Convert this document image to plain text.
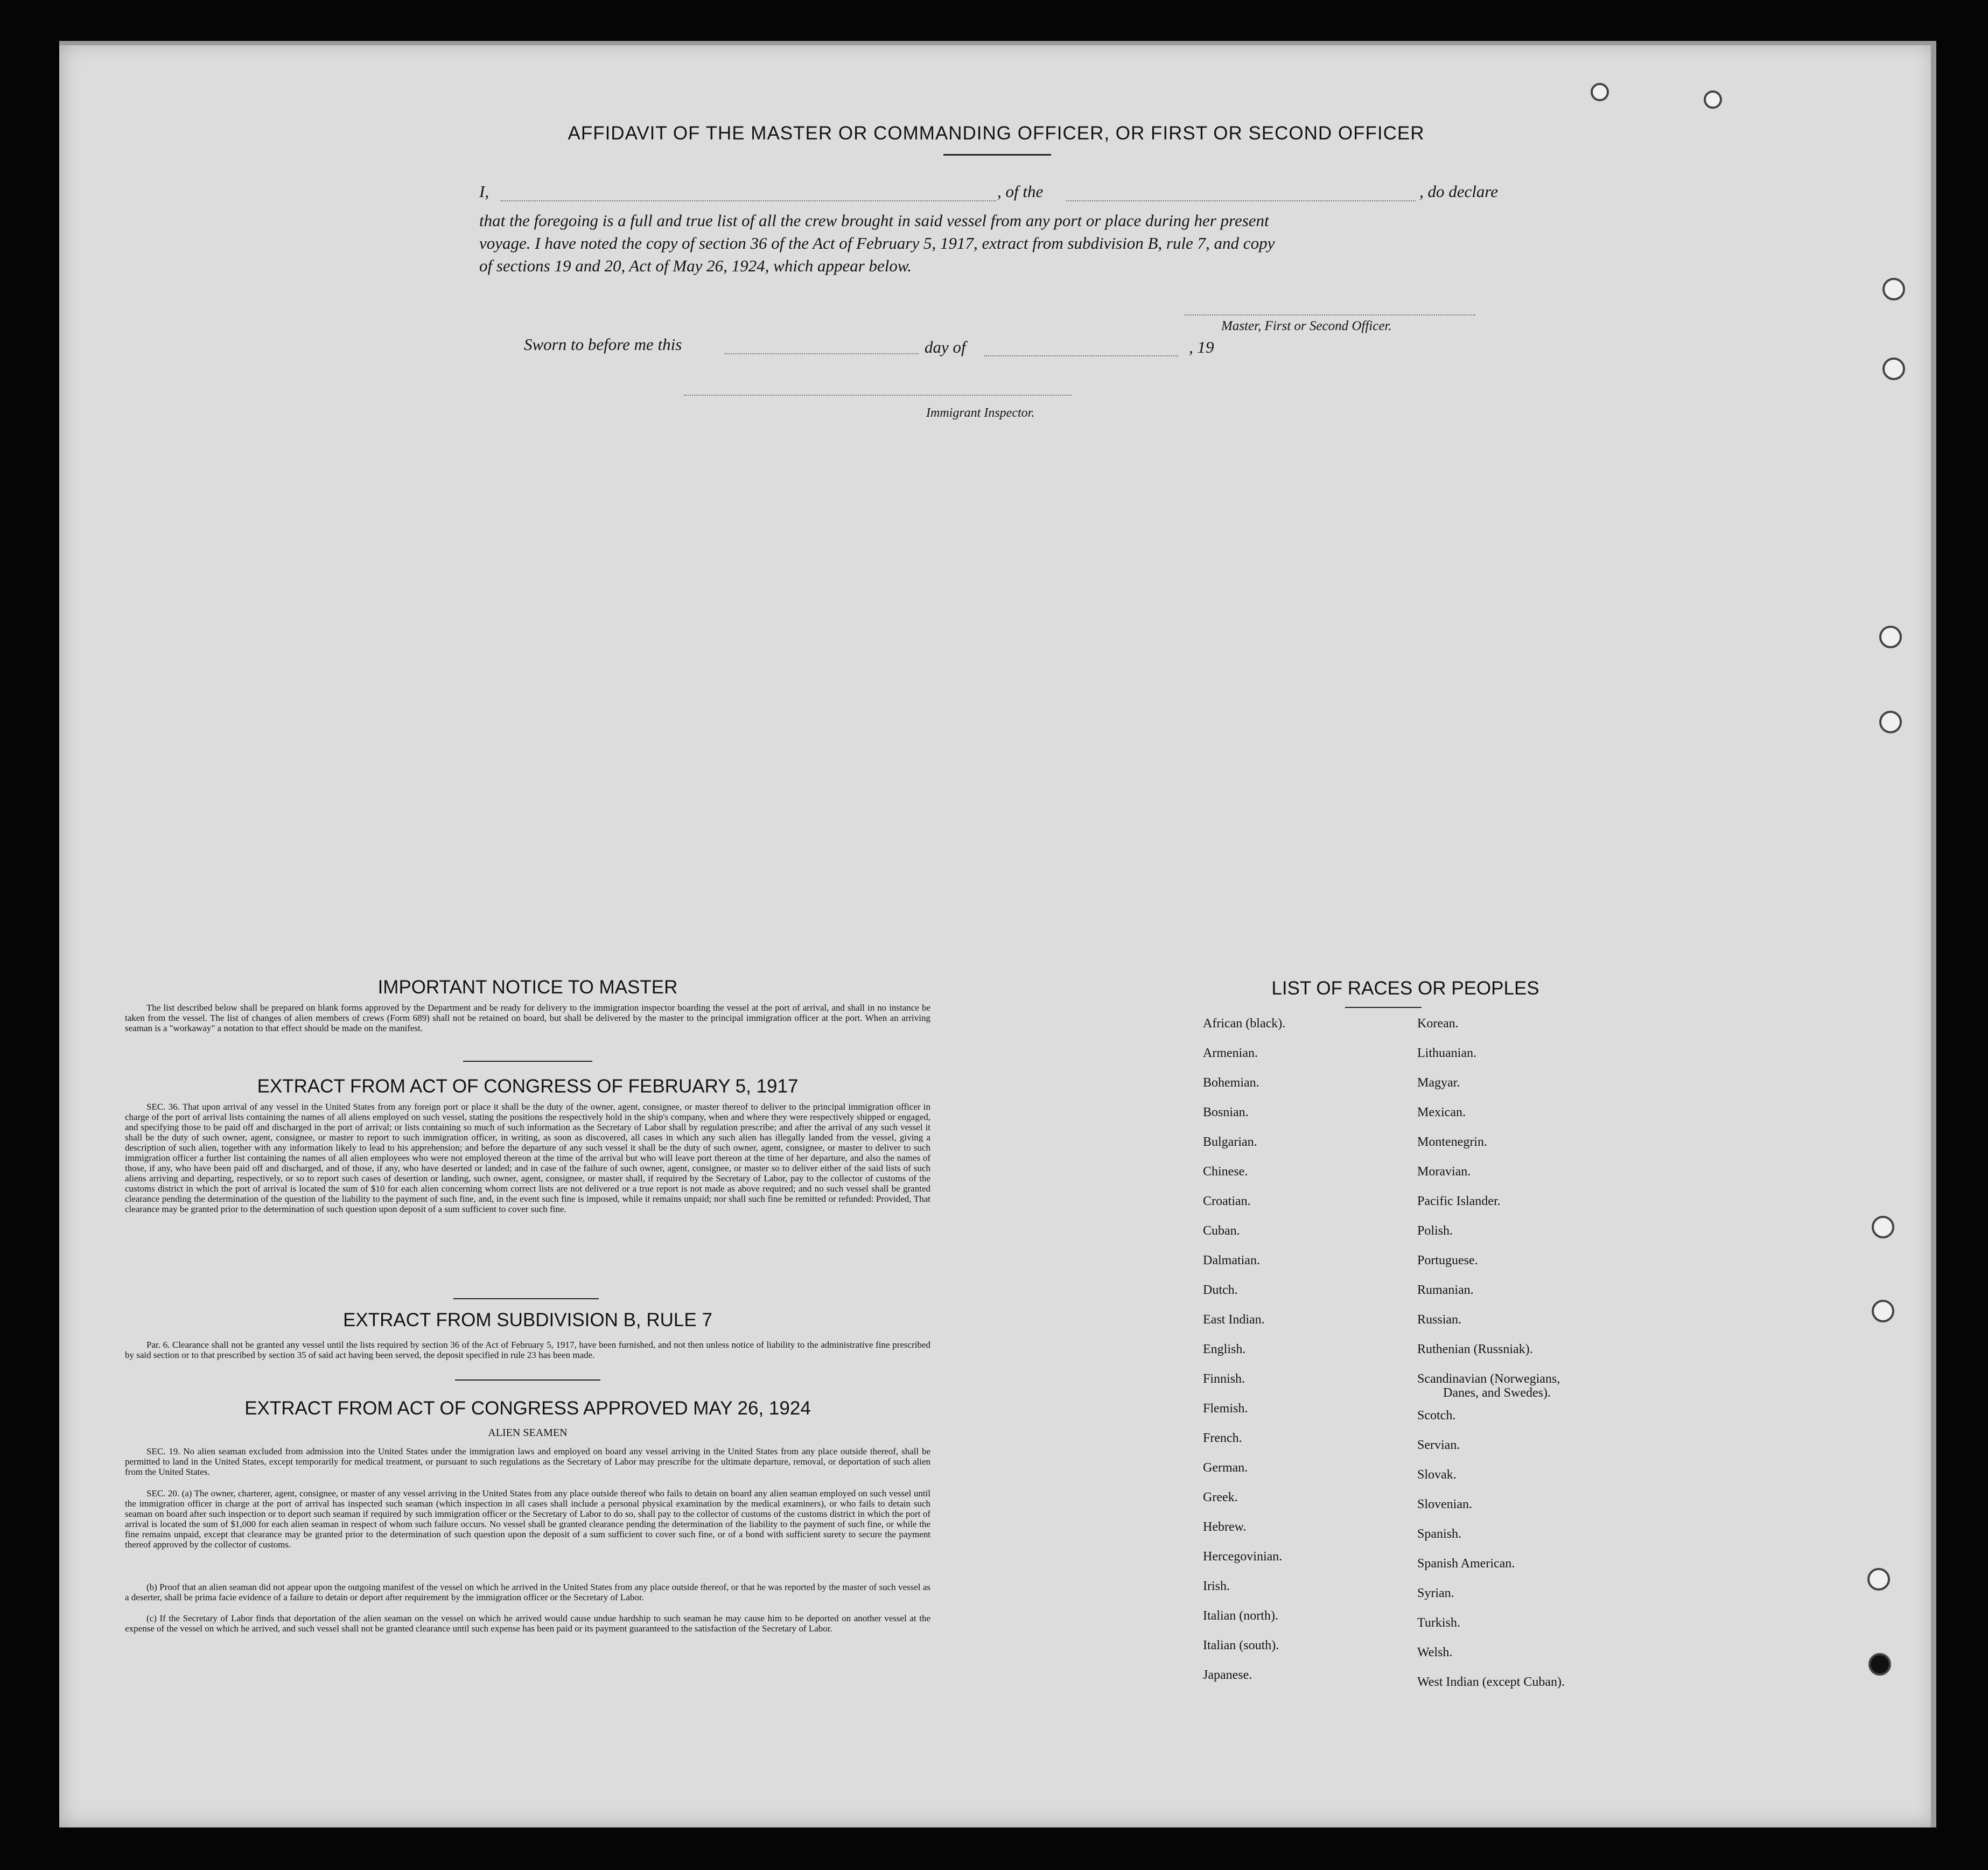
AFFIDAVIT OF THE MASTER OR COMMANDING OFFICER, OR FIRST OR SECOND OFFICER
I,	, of the	, do declare
that the foregoing is a full and true list of all the crew brought in said vessel from any port or place during her present
voyage. I have noted the copy of section 36 of the Act of February 5, 1917, extract from subdivision B, rule 7, and copy
of sections 19 and 20, Act of May 26, 1924, which appear below.
Master, First or Second Officer.
Sworn to before me this	day of	, 19
Immigrant Inspector.
IMPORTANT NOTICE TO MASTER
The list described below shall be prepared on blank forms approved by the Department and be ready for delivery to the immigration inspector boarding the vessel at the port of arrival, and shall in no instance be taken from the vessel. The list of changes of alien members of crews (Form 689) shall not be retained on board, but shall be delivered by the master to the principal immigration officer at the port. When an arriving seaman is a "workaway" a notation to that effect should be made on the manifest.
EXTRACT FROM ACT OF CONGRESS OF FEBRUARY 5, 1917
SEC. 36. That upon arrival of any vessel in the United States from any foreign port or place it shall be the duty of the owner, agent, consignee, or master thereof to deliver to the principal immigration officer in charge of the port of arrival lists containing the names of all aliens employed on such vessel, stating the positions the respectively hold in the ship's company, when and where they were respectively shipped or engaged, and specifying those to be paid off and discharged in the port of arrival; or lists containing so much of such information as the Secretary of Labor shall by regulation prescribe; and after the arrival of any such vessel it shall be the duty of such owner, agent, consignee, or master to report to such immigration officer, in writing, as soon as discovered, all cases in which any such alien has illegally landed from the vessel, giving a description of such alien, together with any information likely to lead to his apprehension; and before the departure of any such vessel it shall be the duty of such owner, agent, consignee, or master to deliver to such immigration officer a further list containing the names of all alien employees who were not employed thereon at the time of the arrival but who will leave port thereon at the time of her departure, and also the names of those, if any, who have been paid off and discharged, and of those, if any, who have deserted or landed; and in case of the failure of such owner, agent, consignee, or master so to deliver either of the said lists of such aliens arriving and departing, respectively, or so to report such cases of desertion or landing, such owner, agent, consignee, or master shall, if required by the Secretary of Labor, pay to the collector of customs of the customs district in which the port of arrival is located the sum of $10 for each alien concerning whom correct lists are not delivered or a true report is not made as above required; and no such vessel shall be granted clearance pending the determination of the question of the liability to the payment of such fine, and, in the event such fine is imposed, while it remains unpaid; nor shall such fine be remitted or refunded: Provided, That clearance may be granted prior to the determination of such question upon deposit of a sum sufficient to cover such fine.
EXTRACT FROM SUBDIVISION B, RULE 7
Par. 6. Clearance shall not be granted any vessel until the lists required by section 36 of the Act of February 5, 1917, have been furnished, and not then unless notice of liability to the administrative fine prescribed by said section or to that prescribed by section 35 of said act having been served, the deposit specified in rule 23 has been made.
EXTRACT FROM ACT OF CONGRESS APPROVED MAY 26, 1924
ALIEN SEAMEN
SEC. 19. No alien seaman excluded from admission into the United States under the immigration laws and employed on board any vessel arriving in the United States from any place outside thereof, shall be permitted to land in the United States, except temporarily for medical treatment, or pursuant to such regulations as the Secretary of Labor may prescribe for the ultimate departure, removal, or deportation of such alien from the United States.
SEC. 20. (a) The owner, charterer, agent, consignee, or master of any vessel arriving in the United States from any place outside thereof who fails to detain on board any alien seaman employed on such vessel until the immigration officer in charge at the port of arrival has inspected such seaman (which inspection in all cases shall include a personal physical examination by the medical examiners), or who fails to detain such seaman on board after such inspection or to deport such seaman if required by such immigration officer or the Secretary of Labor to do so, shall pay to the collector of customs of the customs district in which the port of arrival is located the sum of $1,000 for each alien seaman in respect of whom such failure occurs. No vessel shall be granted clearance pending the determination of the liability to the payment of such fine, or while the fine remains unpaid, except that clearance may be granted prior to the determination of such question upon the deposit of a sum sufficient to cover such fine, or of a bond with sufficient surety to secure the payment thereof approved by the collector of customs.
(b) Proof that an alien seaman did not appear upon the outgoing manifest of the vessel on which he arrived in the United States from any place outside thereof, or that he was reported by the master of such vessel as a deserter, shall be prima facie evidence of a failure to detain or deport after requirement by the immigration officer or the Secretary of Labor.
(c) If the Secretary of Labor finds that deportation of the alien seaman on the vessel on which he arrived would cause undue hardship to such seaman he may cause him to be deported on another vessel at the expense of the vessel on which he arrived, and such vessel shall not be granted clearance until such expense has been paid or its payment guaranteed to the satisfaction of the Secretary of Labor.
LIST OF RACES OR PEOPLES
African (black).
Armenian.
Bohemian.
Bosnian.
Bulgarian.
Chinese.
Croatian.
Cuban.
Dalmatian.
Dutch.
East Indian.
English.
Finnish.
Flemish.
French.
German.
Greek.
Hebrew.
Hercegovinian.
Irish.
Italian (north).
Italian (south).
Japanese.
Korean.
Lithuanian.
Magyar.
Mexican.
Montenegrin.
Moravian.
Pacific Islander.
Polish.
Portuguese.
Rumanian.
Russian.
Ruthenian (Russniak).
Scandinavian (Norwegians,
Danes, and Swedes).
Scotch.
Servian.
Slovak.
Slovenian.
Spanish.
Spanish American.
Syrian.
Turkish.
Welsh.
West Indian (except Cuban).
